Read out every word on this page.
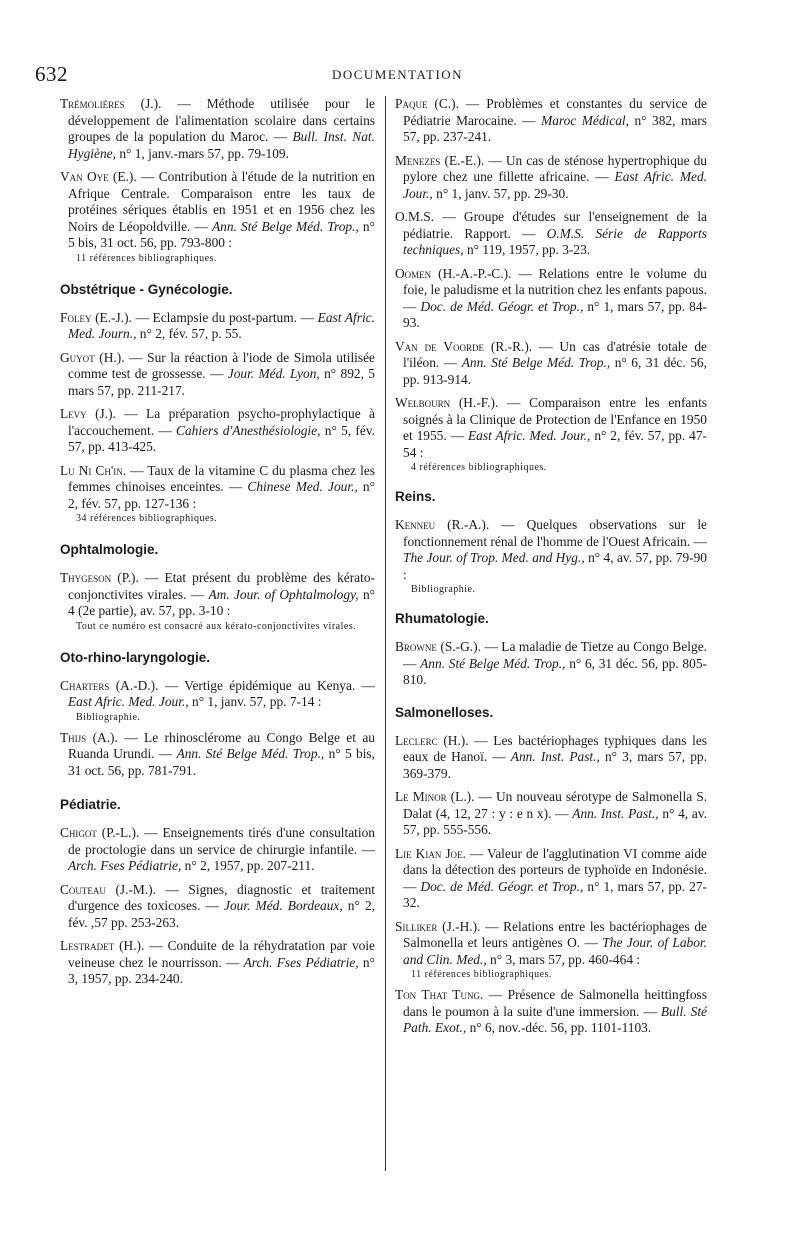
632	DOCUMENTATION

Trémolières (J.). — Méthode utilisée pour le développement de l'alimentation scolaire dans certains groupes de la population du Maroc. — Bull. Inst. Nat. Hygiène, n° 1, janv.-mars 57, pp. 79-109.

Van Oye (E.). — Contribution à l'étude de la nutrition en Afrique Centrale. Comparaison entre les taux de protéines sériques établis en 1951 et en 1956 chez les Noirs de Léopoldville. — Ann. Sté Belge Méd. Trop., n° 5 bis, 31 oct. 56, pp. 793-800 :

11 références bibliographiques.
Obstétrique - Gynécologie.

Foley (E.-J.). — Eclampsie du post-partum. — East Afric. Med. Journ., n° 2, fév. 57, p. 55.

Guyot (H.). — Sur la réaction à l'iode de Simola utilisée comme test de grossesse. — Jour. Méd. Lyon, n° 892, 5 mars 57, pp. 211-217.

Levy (J.). — La préparation psycho-prophylactique à l'accouchement. — Cahiers d'Anesthésiologie, n° 5, fév. 57, pp. 413-425.

Lu Ni Ch'in. — Taux de la vitamine C du plasma chez les femmes chinoises enceintes. — Chinese Med. Jour., n° 2, fév. 57, pp. 127-136 :

34 références bibliographiques.
Ophtalmologie.

Thygeson (P.). — Etat présent du problème des kérato-conjonctivites virales. — Am. Jour. of Ophtalmology, n° 4 (2e partie), av. 57, pp. 3-10 :

Tout ce numéro est consacré aux kérato-conjonctivites virales.
Oto-rhino-laryngologie.

Charters (A.-D.). — Vertige épidémique au Kenya. — East Afric. Med. Jour., n° 1, janv. 57, pp. 7-14 :

Bibliographie.

Thijs (A.). — Le rhinosclérome au Congo Belge et au Ruanda Urundi. — Ann. Sté Belge Méd. Trop., n° 5 bis, 31 oct. 56, pp. 781-791.

Pédiatrie.

Chigot (P.-L.). — Enseignements tirés d'une consultation de proctologie dans un service de chirurgie infantile. — Arch. Fses Pédiatrie, n° 2, 1957, pp. 207-211.

Couteau (J.-M.). — Signes, diagnostic et traitement d'urgence des toxicoses. — Jour. Méd. Bordeaux, n° 2, fév. ,57 pp. 253-263.

Lestradet (H.). — Conduite de la réhydratation par voie veineuse chez le nourrisson. — Arch. Fses Pédiatrie, n° 3, 1957, pp. 234-240.

Paque (C.). — Problèmes et constantes du service de Pédiatrie Marocaine. — Maroc Médical, n° 382, mars 57, pp. 237-241.

Menezes (E.-E.). — Un cas de sténose hypertrophique du pylore chez une fillette africaine. — East Afric. Med. Jour., n° 1, janv. 57, pp. 29-30.

O.M.S. — Groupe d'études sur l'enseignement de la pédiatrie. Rapport. — O.M.S. Série de Rapports techniques, n° 119, 1957, pp. 3-23.

Oomen (H.-A.-P.-C.). — Relations entre le volume du foie, le paludisme et la nutrition chez les enfants papous. — Doc. de Méd. Géogr. et Trop., n° 1, mars 57, pp. 84-93.

Van de Voorde (R.-R.). — Un cas d'atrésie totale de l'iléon. — Ann. Sté Belge Méd. Trop., n° 6, 31 déc. 56, pp. 913-914.

Welbourn (H.-F.). — Comparaison entre les enfants soignés à la Clinique de Protection de l'Enfance en 1950 et 1955. — East Afric. Med. Jour., n° 2, fév. 57, pp. 47-54 :

4 références bibliographiques.
Reins.

Kenneu (R.-A.). — Quelques observations sur le fonctionnement rénal de l'homme de l'Ouest Africain. — The Jour. of Trop. Med. and Hyg., n° 4, av. 57, pp. 79-90 :

Bibliographie.
Rhumatologie.

Browne (S.-G.). — La maladie de Tietze au Congo Belge. — Ann. Sté Belge Méd. Trop., n° 6, 31 déc. 56, pp. 805-810.

Salmonelloses.

Leclerc (H.). — Les bactériophages typhiques dans les eaux de Hanoï. — Ann. Inst. Past., n° 3, mars 57, pp. 369-379.

Le Minor (L.). — Un nouveau sérotype de Salmonella S. Dalat (4, 12, 27 : y : e n x). — Ann. Inst. Past., n° 4, av. 57, pp. 555-556.

Lie Kian Joe. — Valeur de l'agglutination VI comme aide dans la détection des porteurs de typhoïde en Indonésie. — Doc. de Méd. Géogr. et Trop., n° 1, mars 57, pp. 27-32.

Silliker (J.-H.). — Relations entre les bactériophages de Salmonella et leurs antigènes O. — The Jour. of Labor. and Clin. Med., n° 3, mars 57, pp. 460-464 :

11 références bibliographiques.

Ton That Tung. — Présence de Salmonella heittingfoss dans le poumon à la suite d'une immersion. — Bull. Sté Path. Exot., n° 6, nov.-déc. 56, pp. 1101-1103.
